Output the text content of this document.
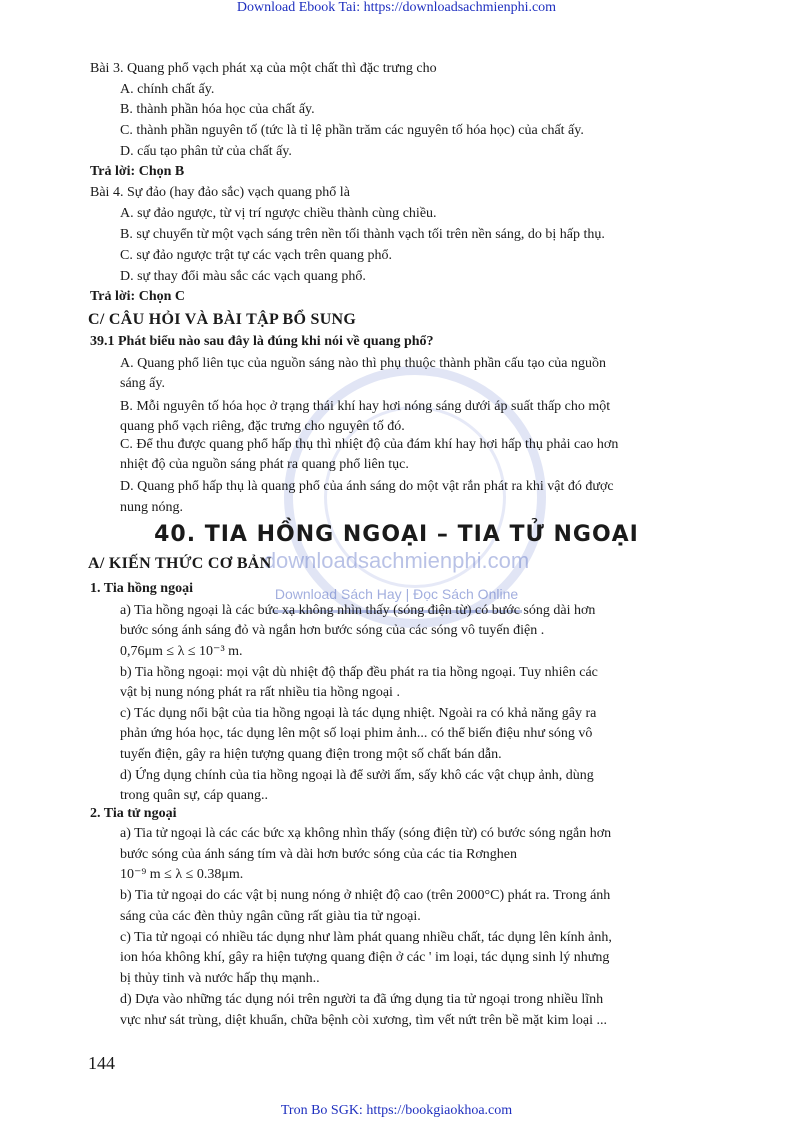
Download Ebook Tai: https://downloadsachmienphi.com
downloadsachmienphi.com
Download Sách Hay | Đọc Sách Online
Bài 3. Quang phổ vạch phát xạ của một chất thì đặc trưng cho
A. chính chất ấy.
B. thành phần hóa học của chất ấy.
C. thành phần nguyên tố (tức là tỉ lệ phần trăm các nguyên tố hóa học) của chất ấy.
D. cấu tạo phân tử của chất ấy.
Trả lời: Chọn B
Bài 4. Sự đảo (hay đảo sắc) vạch quang phổ là
A. sự đảo ngược, từ vị trí ngược chiều thành cùng chiều.
B. sự chuyển từ một vạch sáng trên nền tối thành vạch tối trên nền sáng, do bị hấp thụ.
C. sự đảo ngược trật tự các vạch trên quang phổ.
D. sự thay đổi màu sắc các vạch quang phổ.
Trả lời: Chọn C
C/ CÂU HỎI VÀ BÀI TẬP BỔ SUNG
39.1 Phát biểu nào sau đây là đúng khi nói về quang phổ?
A. Quang phổ liên tục của nguồn sáng nào thì phụ thuộc thành phần cấu tạo của nguồn
sáng ấy.
B. Mỗi nguyên tố hóa học ở trạng thái khí hay hơi nóng sáng dưới áp suất thấp cho một
quang phổ vạch riêng, đặc trưng cho nguyên tố đó.
C. Để thu được quang phổ hấp thụ thì nhiệt độ của đám khí hay hơi hấp thụ phải cao hơn
nhiệt độ của nguồn sáng phát ra quang phổ liên tục.
D. Quang phổ hấp thụ là quang phổ của ánh sáng do một vật rắn phát ra khi vật đó được
nung nóng.
40. TIA HỒNG NGOẠI – TIA TỬ NGOẠI
A/ KIẾN THỨC CƠ BẢN
1. Tia hồng ngoại
a) Tia hồng ngoại là các bức xạ không nhìn thấy (sóng điện từ) có bước sóng dài hơn
bước sóng ánh sáng đỏ và ngắn hơn bước sóng của các sóng vô tuyến điện .
0,76μm ≤ λ ≤ 10⁻³ m.
b) Tia hồng ngoại: mọi vật dù nhiệt độ thấp đều phát ra tia hồng ngoại. Tuy nhiên các
vật bị nung nóng phát ra rất nhiều tia hồng ngoại .
c) Tác dụng nổi bật của tia hồng ngoại là tác dụng nhiệt. Ngoài ra có khả năng gây ra
phản ứng hóa học, tác dụng lên một số loại phim ảnh... có thể biến điệu như sóng vô
tuyến điện, gây ra hiện tượng quang điện trong một số chất bán dẫn.
d) Ứng dụng chính của tia hồng ngoại là để sưởi ấm, sấy khô các vật chụp ảnh, dùng
trong quân sự, cáp quang..
2. Tia tử ngoại
a) Tia tử ngoại là các các bức xạ không nhìn thấy (sóng điện từ) có bước sóng ngắn hơn
bước sóng của ánh sáng tím và dài hơn bước sóng của các tia Rơnghen
10⁻⁹ m ≤ λ ≤ 0.38μm.
b) Tia tử ngoại do các vật bị nung nóng ở nhiệt độ cao (trên 2000°C) phát ra. Trong ánh
sáng của các đèn thủy ngân cũng rất giàu tia tử ngoại.
c) Tia tử ngoại có nhiều tác dụng như làm phát quang nhiều chất, tác dụng lên kính ảnh,
ion hóa không khí, gây ra hiện tượng quang điện ở các ' im loại, tác dụng sinh lý nhưng
bị thủy tinh và nước hấp thụ mạnh..
d) Dựa vào những tác dụng nói trên người ta đã ứng dụng tia tử ngoại trong nhiều lĩnh
vực như sát trùng, diệt khuẩn, chữa bệnh còi xương, tìm vết nứt trên bề mặt kim loại ...
144
Tron Bo SGK: https://bookgiaokhoa.com
